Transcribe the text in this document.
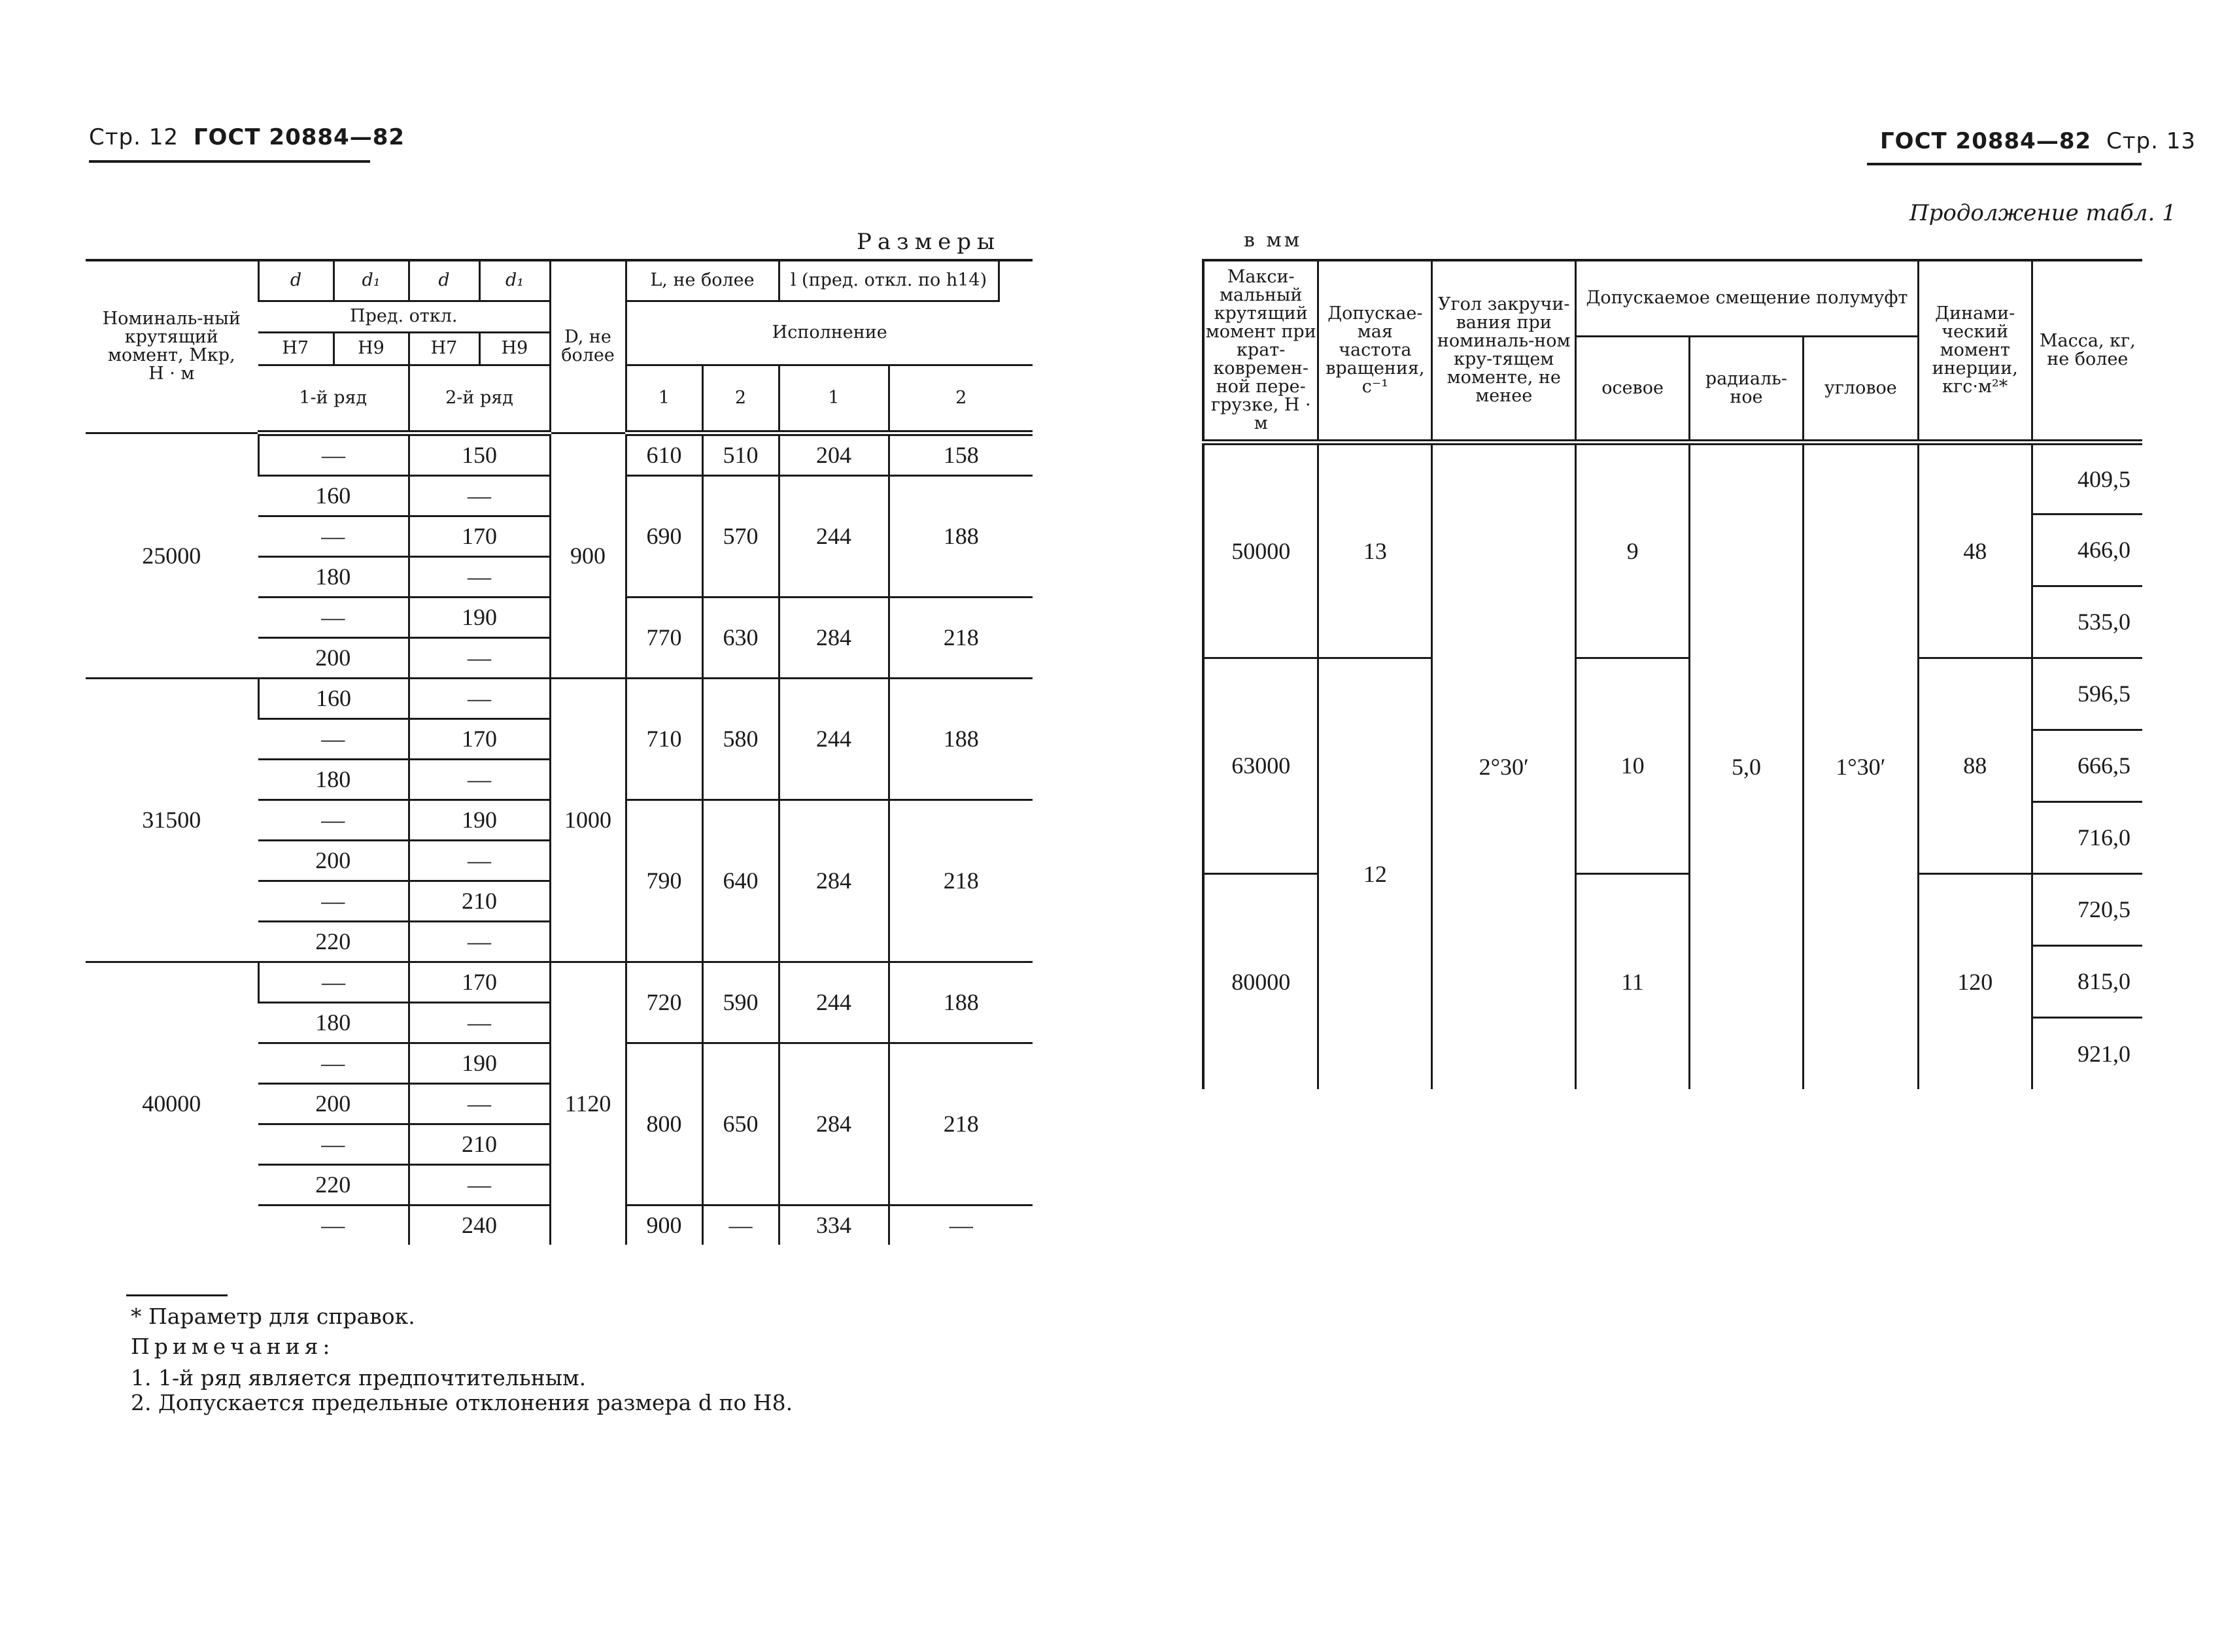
Стр. 12 ГОСТ 20884—82	ГОСТ 20884—82 Стр. 13
Размеры	в мм
Продолжение табл. 1
Номиналь-ный крутящий момент, Мкр, Н · м	d	d₁	d	d₁	D, не более	L, не более		l (пред. откл. по h14)		
	Пред. откл.					Исполнение			
	H7	H9	H7	H9						
	1-й ряд		2-й ряд			1	2	1	2	
25000	—		150		900	610	510	204	158	
	160		—			690	570	244	188	
	—		170							
	180		—							
	—		190			770	630	284	218	
	200		—							
31500	160		—		1000	710	580	244	188	
	—		170							
	180		—							
	—		190			790	640	284	218	
	200		—							
	—		210							
	220		—							
40000	—		170		1120	720	590	244	188	
	180		—							
	—		190			800	650	284	218	
	200		—							
	—		210							
	220		—							
	—		240			900	—	334	—	
Макси-мальный крутящий момент при крат-ковремен-ной пере-грузке, Н · м	Допускае-мая частота вращения, с⁻¹	Угол закручи-вания при номиналь-ном кру-тящем моменте, не менее	Допускаемое смещение полумуфт			Динами-ческий момент инерции, кгс·м²*	Масса, кг, не более
			осевое	радиаль-ное	угловое		
50000	13	2°30′	9	5,0	1°30′	48	409,5
							466,0
							535,0
63000	12		10			88	596,5
							666,5
							716,0
80000			11			120	720,5
							815,0
							921,0
* Параметр для справок.
Примечания:
1. 1-й ряд является предпочтительным.
2. Допускается предельные отклонения размера d по H8.
